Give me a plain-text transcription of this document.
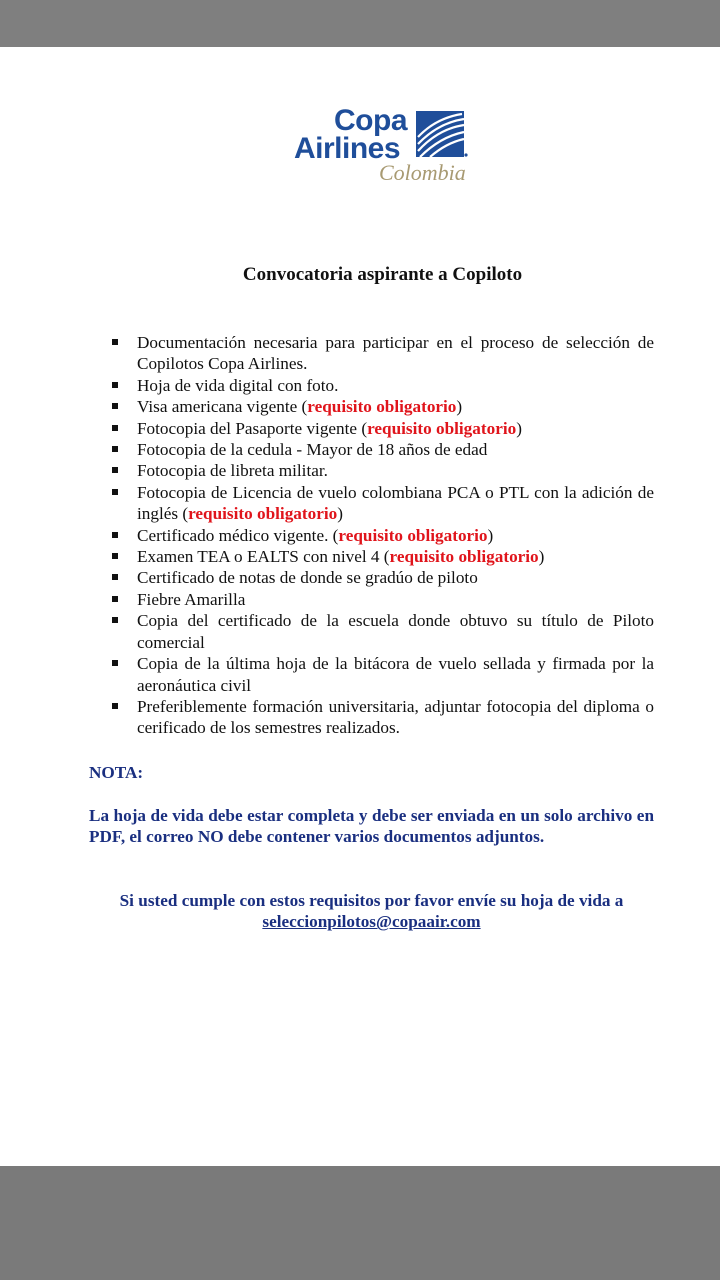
Copa
Airlines
Colombia
Convocatoria aspirante a Copiloto
Documentación necesaria para participar en el proceso de selección de Copilotos Copa Airlines.
Hoja de vida digital con foto.
Visa americana vigente (requisito obligatorio)
Fotocopia del Pasaporte vigente (requisito obligatorio)
Fotocopia de la cedula - Mayor de 18 años de edad
Fotocopia de libreta militar.
Fotocopia de Licencia de vuelo colombiana PCA o PTL con la adición de inglés (requisito obligatorio)
Certificado médico vigente. (requisito obligatorio)
Examen TEA o EALTS con nivel 4 (requisito obligatorio)
Certificado de notas de donde se gradúo de piloto
Fiebre Amarilla
Copia del certificado de la escuela donde obtuvo su título de Piloto comercial
Copia de la última hoja de la bitácora de vuelo sellada y firmada por la aeronáutica civil
Preferiblemente formación universitaria, adjuntar fotocopia del diploma o cerificado de los semestres realizados.
NOTA:
La hoja de vida debe estar completa y debe ser enviada en un solo archivo en PDF, el correo NO debe contener varios documentos adjuntos.
Si usted cumple con estos requisitos por favor envíe su hoja de vida a
seleccionpilotos@copaair.com
